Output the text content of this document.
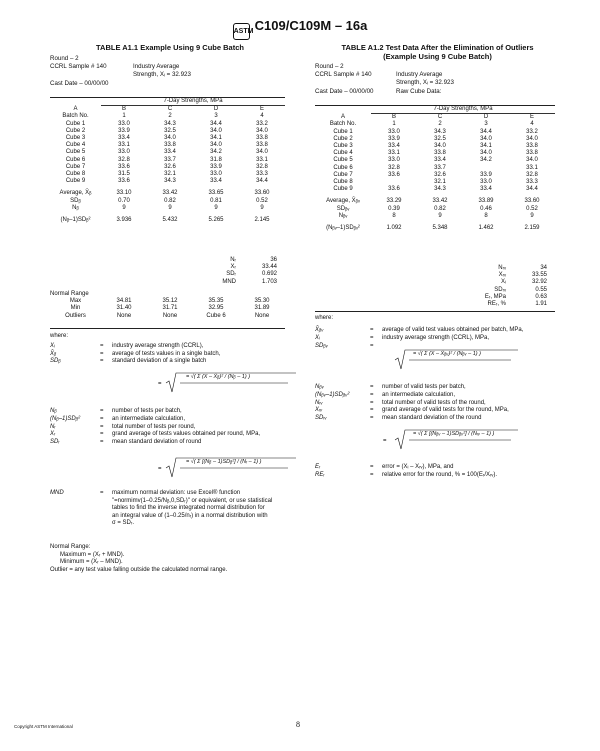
ASTMC109/C109M – 16a
TABLE A1.1 Example Using 9 Cube Batch
Round – 2
CCRL Sample # 140	Industry Average
Strength, Xᵢ = 32.923
Cast Date – 00/00/00
	7-Day Strengths, MPa			
A	B	C	D	E
Batch No.	1	2	3	4
Cube 1	33.0	34.3	34.4	33.2
Cube 2	33.9	32.5	34.0	34.0
Cube 3	33.4	34.0	34.1	33.8
Cube 4	33.1	33.8	34.0	33.8
Cube 5	33.0	33.4	34.2	34.0
Cube 6	32.8	33.7	31.8	33.1
Cube 7	33.6	32.6	33.9	32.8
Cube 8	31.5	32.1	33.0	33.3
Cube 9	33.6	34.3	33.4	34.4

Average, X̄ᵦ	33.10	33.42	33.65	33.60
SDᵦ	0.70	0.82	0.81	0.52
Nᵦ	9	9	9	9

(Nᵦ–1)SDᵦ²	3.936	5.432	5.265	2.145
Nᵣ	36
Xᵣ	33.44
SDᵣ	0.692
MND	1.703
Normal Range				
Max	34.81	35.12	35.35	35.30
Min	31.40	31.71	32.95	31.89
Outliers	None	None	Cube 6	None
where:
Xᵢ	= industry average strength (CCRL),
X̄ᵦ	= average of tests values in a single batch,
SDᵦ	= standard deviation of a single batch
=
= √( Σ (X – X̄ᵦ)² / (Nᵦ – 1) )
Nᵦ	= number of tests per batch,
(Nᵦ–1)SDᵦ²	= an intermediate calculation,
Nᵣ	= total number of tests per round,
Xᵣ	= grand average of tests values obtained per round, MPa,
SDᵣ	= mean standard deviation of round
=
= √( Σ [(Nᵦ – 1)SDᵦ²] / (Nᵣ – 1) )
MND	= maximum normal deviation: use Excel® function
"=normimv(1–0.25/Nᵦ,0,SDᵣ)" or equivalent, or use statistical
tables to find the inverse integrated normal distribution for
an integral value of (1–0.25/nᵣ) in a normal distribution with
σ = SDᵣ.
Normal Range:
Maximum = (Xᵣ + MND).
Minimum = (Xᵣ – MND).
Outlier = any test value falling outside the calculated normal range.
TABLE A1.2 Test Data After the Elimination of Outliers
(Example Using 9 Cube Batch)
Round – 2
CCRL Sample # 140	Industry Average
Strength, Xᵢ = 32.923
Cast Date – 00/00/00	Raw Cube Data:
	7-Day Strengths, MPa			
A	B	C	D	E
Batch No.	1	2	3	4
Cube 1	33.0	34.3	34.4	33.2
Cube 2	33.9	32.5	34.0	34.0
Cube 3	33.4	34.0	34.1	33.8
Cube 4	33.1	33.8	34.0	33.8
Cube 5	33.0	33.4	34.2	34.0
Cube 6	32.8	33.7		33.1
Cube 7	33.6	32.6	33.9	32.8
Cube 8		32.1	33.0	33.3
Cube 9	33.6	34.3	33.4	34.4

Average, X̄ᵦᵥ	33.29	33.42	33.89	33.60
SDᵦᵥ	0.39	0.82	0.46	0.52
Nᵦᵥ	8	9	8	9

(Nᵦᵥ–1)SDᵦᵥ²	1.092	5.348	1.462	2.159
Nᵣᵥ	34
Xᵣᵥ	33.55
Xᵢ	32.92
SDᵣᵥ	0.55
Eᵣ, MPa	0.63
REᵣ, %	1.91
where:
X̄ᵦᵥ	= average of valid test values obtained per batch, MPa,
Xᵢ	= industry average strength (CCRL), MPa,
SDᵦᵥ	=
= √( Σ (X – X̄ᵦᵥ)² / (Nᵦᵥ – 1) )
Nᵦᵥ	= number of valid tests per batch,
(Nᵦᵥ–1)SDᵦᵥ²	= an intermediate calculation,
Nᵣᵥ	= total number of valid tests of the round,
Xᵣᵥ	= grand average of valid tests for the round, MPa,
SDᵣᵥ	= mean standard deviation of the round
=
= √( Σ [(Nᵦᵥ – 1)SDᵦᵥ²] / (Nᵣᵥ – 1) )
Eᵣ	= error = (Xᵢ – Xᵣᵥ), MPa, and
REᵣ	= relative error for the round, % = 100(Eᵣ/Xᵣᵥ).
Copyright ASTM International	8
